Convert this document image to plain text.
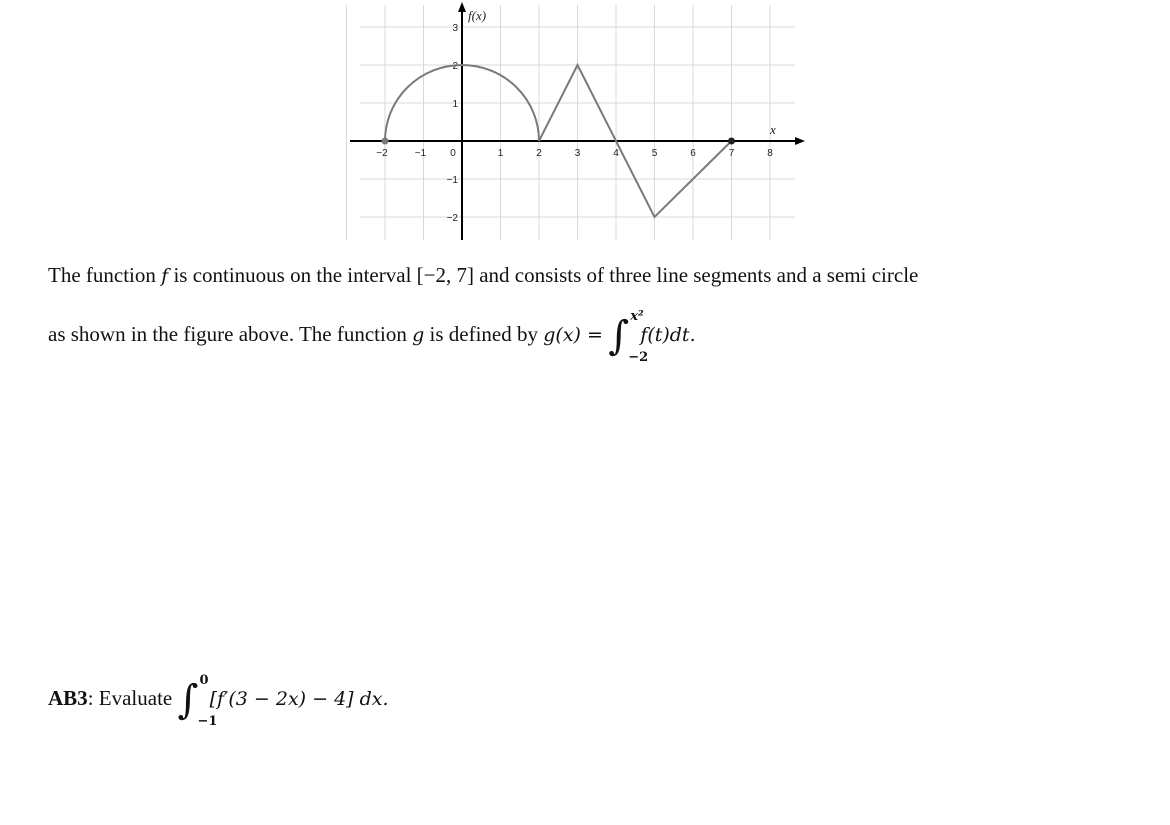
−2	−1 0	1	2	3	4	5	6	7	8
3
2
1
−1
−2
f(x)
x
The function f is continuous on the interval [−2, 7] and consists of three line segments and a semi circle
as shown in the figure above. The function g is defined by g(x) = ∫ x²
−2
f(t)dt.
AB3: Evaluate ∫ 0
−1
[f′(3 − 2x) − 4] dx.
